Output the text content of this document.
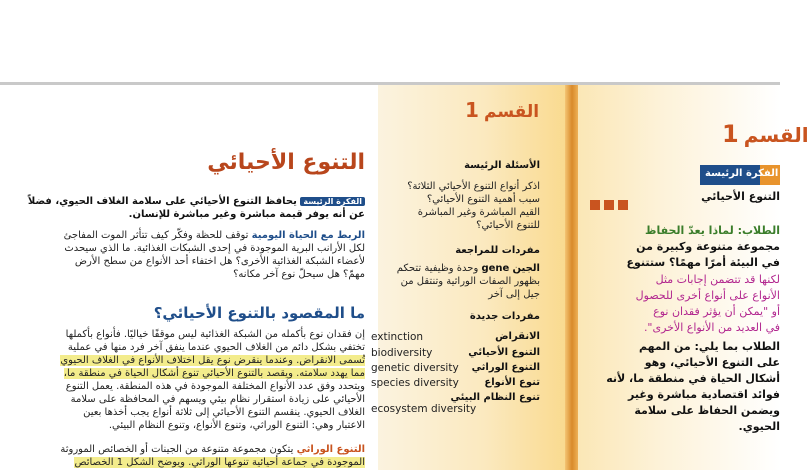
التنوع الأحيائي
الفكرة الرئيسة يحافظ التنوع الأحيائي على سلامة الغلاف الحيوي، فضلاً
عن أنه يوفر قيمة مباشرة وغير مباشرة للإنسان.
الربط مع الحياة اليومية توقف للحظة وفكّر كيف تتأثر الموت المفاجئ
لكل الأرانب البرية الموجودة في إحدى الشبكات الغذائية. ما الذي سيحدث
لأعضاء الشبكة الغذائية الأخرى؟ هل اختفاء أحد الأنواع من سطح الأرض
مهمّ؟ هل سيحلّ نوع آخر مكانه؟
ما المقصود بالتنوع الأحيائي؟
إن فقدان نوع بأكمله من الشبكة الغذائية ليس موقفًا خياليًا. فأنواع بأكملها
تختفي بشكل دائم من الغلاف الحيوي عندما ينفق آخر فرد منها في عملية
تُسمى الانقراض. وعندما ينقرض نوع يقل اختلاف الأنواع في الغلاف الحيوي
مما يهدد سلامته. ويقصد بالتنوع الأحيائي تنوع أشكال الحياة في منطقة ما،
ويتحدد وفق عدد الأنواع المختلفة الموجودة في هذه المنطقة. يعمل التنوع
الأحيائي على زيادة استقرار نظام بيئي ويسهم في المحافظة على سلامة
الغلاف الحيوي. ينقسم التنوع الأحيائي إلى ثلاثة أنواع يجب أخذها بعين
الاعتبار وهي: التنوع الوراثي، وتنوع الأنواع، وتنوع النظام البيئي.
التنوع الوراثي يتكون مجموعة متنوعة من الجينات أو الخصائص الموروثة
الموجودة في جماعة أحيائية تنوعها الوراثي. ويوضح الشكل 1 الخصائص
1 القسم
الأسئلة الرئيسة
اذكر أنواع التنوع الأحيائي الثلاثة؟
سبب أهمية التنوع الأحيائي؟
القيم المباشرة وغير المباشرة
للتنوع الأحيائي؟
مفردات للمراجعة
الجين gene وحدة وظيفية تتحكم
بظهور الصفات الوراثية وتنتقل من
جيل إلى آخر
مفردات جديدة
الانقراض
extinction
التنوع الأحيائي
biodiversity
التنوع الوراثي
genetic diversity
تنوع الأنواع
species diversity
تنوع النظام البيئي
ecosystem diversity
1 القسم
الفكرة الرئيسة
التنوع الأحيائي
الطلاب: لماذا يعدّ الحفاظ
مجموعة متنوعة وكبيرة من
في البيئة أمرًا مهمًا؟ ستتنوع
لكنها قد تتضمن إجابات مثل
الأنواع على أنواع أخرى للحصول
أو "يمكن أن يؤثر فقدان نوع
في العديد من الأنواع الأخرى".
الطلاب بما يلي: من المهم
على التنوع الأحيائي، وهو
أشكال الحياة في منطقة ما، لأنه
فوائد اقتصادية مباشرة وغير
ويضمن الحفاظ على سلامة
الحيوي.
